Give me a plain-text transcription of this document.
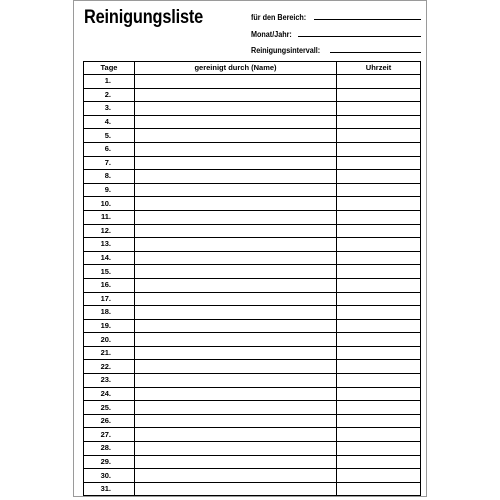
Reinigungsliste	für den Bereich:
Monat/Jahr:
Reinigungsintervall:
Tage	gereinigt durch (Name)	Uhrzeit
1.		
2.		
3.		
4.		
5.		
6.		
7.		
8.		
9.		
10.		
11.		
12.		
13.		
14.		
15.		
16.		
17.		
18.		
19.		
20.		
21.		
22.		
23.		
24.		
25.		
26.		
27.		
28.		
29.		
30.		
31.		
